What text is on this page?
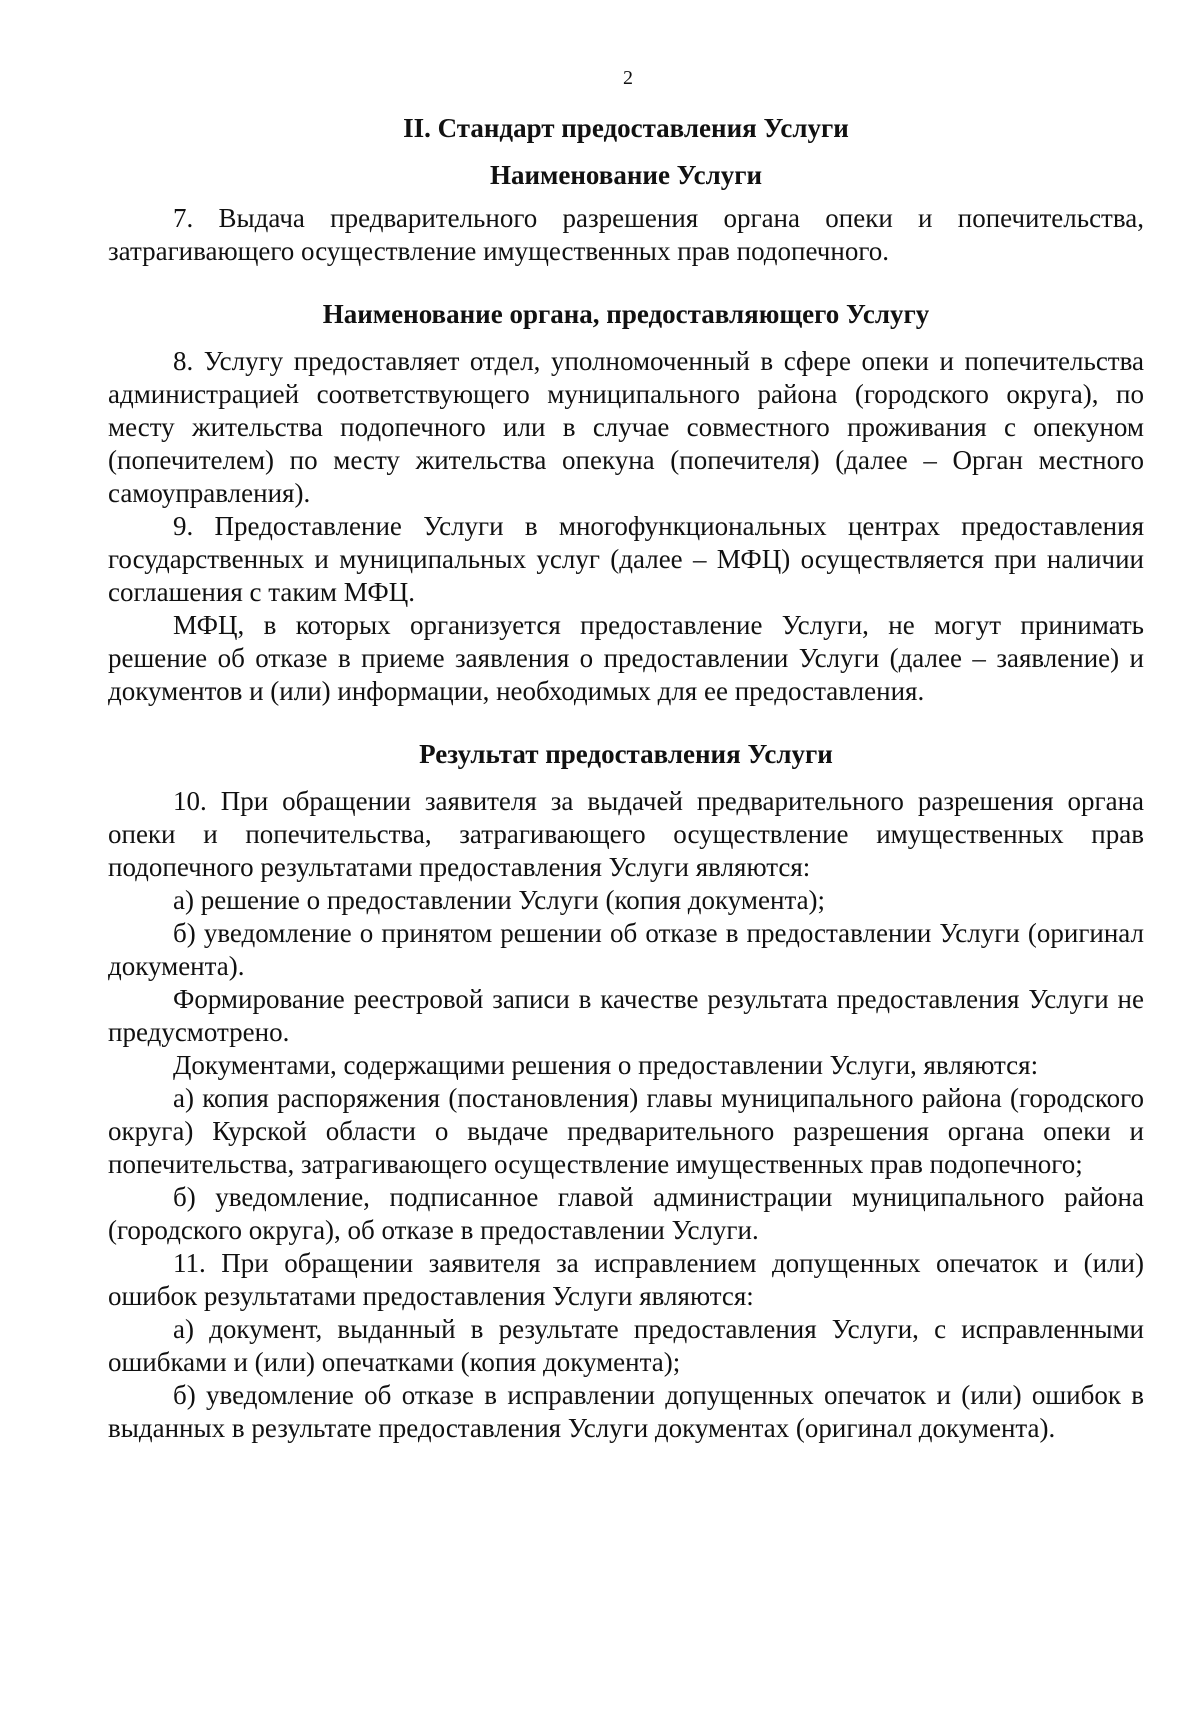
2

II. Стандарт предоставления Услуги

Наименование Услуги

7. Выдача предварительного разрешения органа опеки и попечительства, затрагивающего осуществление имущественных прав подопечного.

Наименование органа, предоставляющего Услугу

8. Услугу предоставляет отдел, уполномоченный в сфере опеки и попечительства администрацией соответствующего муниципального района (городского округа), по месту жительства подопечного или в случае совместного проживания с опекуном (попечителем) по месту жительства опекуна (попечителя) (далее – Орган местного самоуправления).

9. Предоставление Услуги в многофункциональных центрах предоставления государственных и муниципальных услуг (далее – МФЦ) осуществляется при наличии соглашения с таким МФЦ.

МФЦ, в которых организуется предоставление Услуги, не могут принимать решение об отказе в приеме заявления о предоставлении Услуги (далее – заявление) и документов и (или) информации, необходимых для ее предоставления.

Результат предоставления Услуги

10. При обращении заявителя за выдачей предварительного разрешения органа опеки и попечительства, затрагивающего осуществление имущественных прав подопечного результатами предоставления Услуги являются:

а) решение о предоставлении Услуги (копия документа);

б) уведомление о принятом решении об отказе в предоставлении Услуги (оригинал документа).

Формирование реестровой записи в качестве результата предоставления Услуги не предусмотрено.

Документами, содержащими решения о предоставлении Услуги, являются:

а) копия распоряжения (постановления) главы муниципального района (городского округа) Курской области о выдаче предварительного разрешения органа опеки и попечительства, затрагивающего осуществление имущественных прав подопечного;

б) уведомление, подписанное главой администрации муниципального района (городского округа), об отказе в предоставлении Услуги.

11. При обращении заявителя за исправлением допущенных опечаток и (или) ошибок результатами предоставления Услуги являются:

а) документ, выданный в результате предоставления Услуги, с исправленными ошибками и (или) опечатками (копия документа);

б) уведомление об отказе в исправлении допущенных опечаток и (или) ошибок в выданных в результате предоставления Услуги документах (оригинал документа).
